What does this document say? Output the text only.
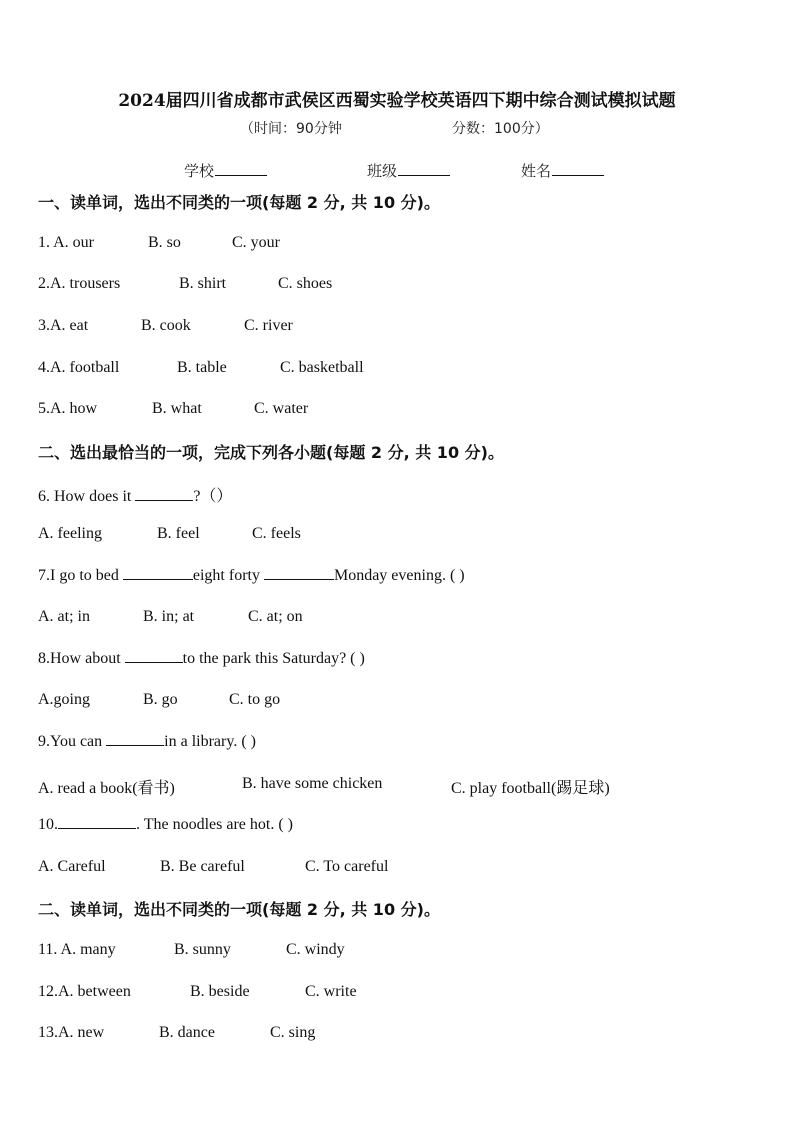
2024届四川省成都市武侯区西蜀实验学校英语四下期中综合测试模拟试题
（时间：90分钟	分数：100分）
学校	班级	姓名
一、读单词，选出不同类的一项(每题 2 分, 共 10 分)。
1. A. our	B. so	C. your
2.A. trousers	B. shirt	C. shoes
3.A. eat	B. cook	C. river
4.A. football	B. table	C. basketball
5.A. how	B. what	C. water
二、选出最恰当的一项，完成下列各小题(每题 2 分, 共 10 分)。
6. How does it	?（）
A. feeling	B. feel	C. feels
7.I go to bed	eight forty	Monday evening. ( )
A. at; in	B. in; at	C. at; on
8.How about	to the park this Saturday? ( )
A.going	B. go	C. to go
9.You can	in a library. ( )
A. read a book(看书)	B. have some chicken	C. play football(踢足球)
10.	. The noodles are hot. ( )
A. Careful	B. Be careful	C. To careful
二、读单词，选出不同类的一项(每题 2 分, 共 10 分)。
11. A. many	B. sunny	C. windy
12.A. between	B. beside	C. write
13.A. new	B. dance	C. sing
